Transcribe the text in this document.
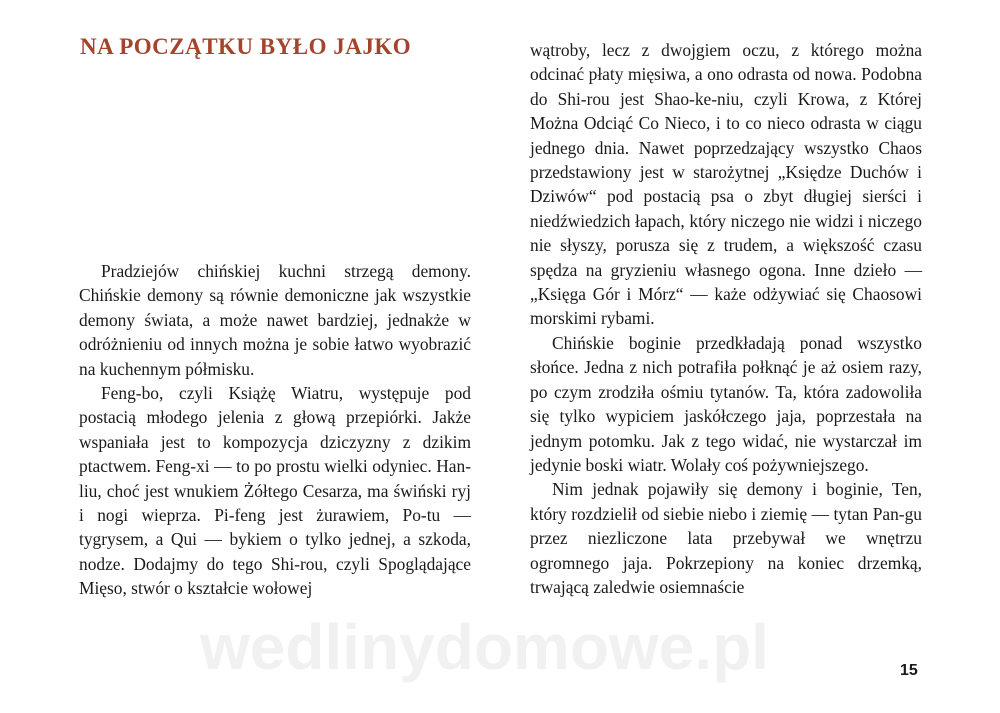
NA POCZĄTKU BYŁO JAJKO

Pradziejów chińskiej kuchni strzegą demony. Chińskie demony są równie demoniczne jak wszystkie demony świata, a może nawet bardziej, jednakże w odróżnieniu od innych można je sobie łatwo wyobrazić na kuchennym półmisku.

Feng-bo, czyli Książę Wiatru, występuje pod postacią młodego jelenia z głową przepiórki. Jakże wspaniała jest to kompozycja dziczyzny z dzikim ptactwem. Feng-xi — to po prostu wielki odyniec. Han-liu, choć jest wnukiem Żółtego Cesarza, ma świński ryj i nogi wieprza. Pi-feng jest żurawiem, Po-tu — tygrysem, a Qui — bykiem o tylko jednej, a szkoda, nodze. Dodajmy do tego Shi-rou, czyli Spoglądające Mięso, stwór o kształcie wołowej

wątroby, lecz z dwojgiem oczu, z którego można odcinać płaty mięsiwa, a ono odrasta od nowa. Podobna do Shi-rou jest Shao-ke-niu, czyli Krowa, z Której Można Odciąć Co Nieco, i to co nieco odrasta w ciągu jednego dnia. Nawet poprzedzający wszystko Chaos przedstawiony jest w starożytnej „Księdze Duchów i Dziwów“ pod postacią psa o zbyt długiej sierści i niedźwiedzich łapach, który niczego nie widzi i niczego nie słyszy, porusza się z trudem, a większość czasu spędza na gryzieniu własnego ogona. Inne dzieło — „Księga Gór i Mórz“ — każe odżywiać się Chaosowi morskimi rybami.

Chińskie boginie przedkładają ponad wszystko słońce. Jedna z nich potrafiła połknąć je aż osiem razy, po czym zrodziła ośmiu tytanów. Ta, która zadowoliła się tylko wypiciem jaskółczego jaja, poprzestała na jednym potomku. Jak z tego widać, nie wystarczał im jedynie boski wiatr. Wolały coś pożywniejszego.

Nim jednak pojawiły się demony i boginie, Ten, który rozdzielił od siebie niebo i ziemię — tytan Pan-gu przez niezliczone lata przebywał we wnętrzu ogromnego jaja. Pokrzepiony na koniec drzemką, trwającą zaledwie osiemnaście

wedlinydomowe.pl	15
